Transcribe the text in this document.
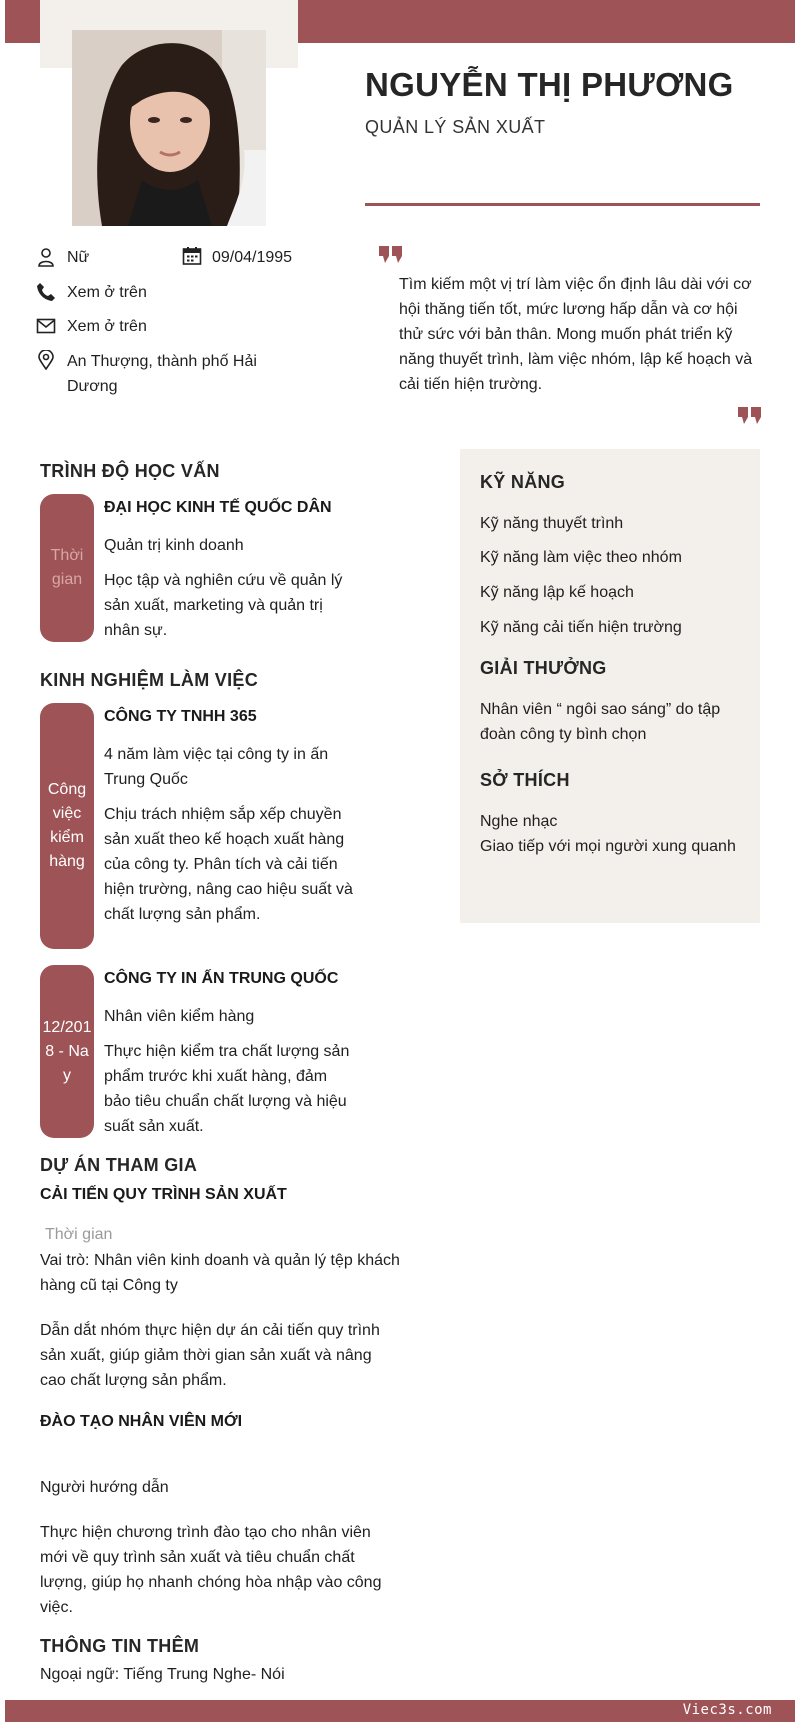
NGUYỄN THỊ PHƯƠNG
QUẢN LÝ SẢN XUẤT
Nữ	09/04/1995
Xem ở trên
Xem ở trên
An Thượng, thành phố Hải Dương
Tìm kiếm một vị trí làm việc ổn định lâu dài với cơ hội thăng tiến tốt, mức lương hấp dẫn và cơ hội thử sức với bản thân. Mong muốn phát triển kỹ năng thuyết trình, làm việc nhóm, lập kế hoạch và cải tiến hiện trường.
TRÌNH ĐỘ HỌC VẤN
Thời gian
ĐẠI HỌC KINH TẾ QUỐC DÂN
Quản trị kinh doanh
Học tập và nghiên cứu về quản lý sản xuất, marketing và quản trị nhân sự.
KINH NGHIỆM LÀM VIỆC
Công việc kiểm hàng
CÔNG TY TNHH 365
4 năm làm việc tại công ty in ấn Trung Quốc
Chịu trách nhiệm sắp xếp chuyền sản xuất theo kế hoạch xuất hàng của công ty. Phân tích và cải tiến hiện trường, nâng cao hiệu suất và chất lượng sản phẩm.
12/2018 - Nay
CÔNG TY IN ẤN TRUNG QUỐC
Nhân viên kiểm hàng
Thực hiện kiểm tra chất lượng sản phẩm trước khi xuất hàng, đảm bảo tiêu chuẩn chất lượng và hiệu suất sản xuất.
DỰ ÁN THAM GIA
CẢI TIẾN QUY TRÌNH SẢN XUẤT
Thời gian
Vai trò: Nhân viên kinh doanh và quản lý tệp khách hàng cũ tại Công ty
Dẫn dắt nhóm thực hiện dự án cải tiến quy trình sản xuất, giúp giảm thời gian sản xuất và nâng cao chất lượng sản phẩm.
ĐÀO TẠO NHÂN VIÊN MỚI
Người hướng dẫn
Thực hiện chương trình đào tạo cho nhân viên mới về quy trình sản xuất và tiêu chuẩn chất lượng, giúp họ nhanh chóng hòa nhập vào công việc.
THÔNG TIN THÊM
Ngoại ngữ: Tiếng Trung Nghe- Nói
KỸ NĂNG
Kỹ năng thuyết trình
Kỹ năng làm việc theo nhóm
Kỹ năng lập kế hoạch
Kỹ năng cải tiến hiện trường
GIẢI THƯỞNG
Nhân viên “ ngôi sao sáng” do tập đoàn công ty bình chọn
SỞ THÍCH
Nghe nhạc
Giao tiếp với mọi người xung quanh
Viec3s.com
